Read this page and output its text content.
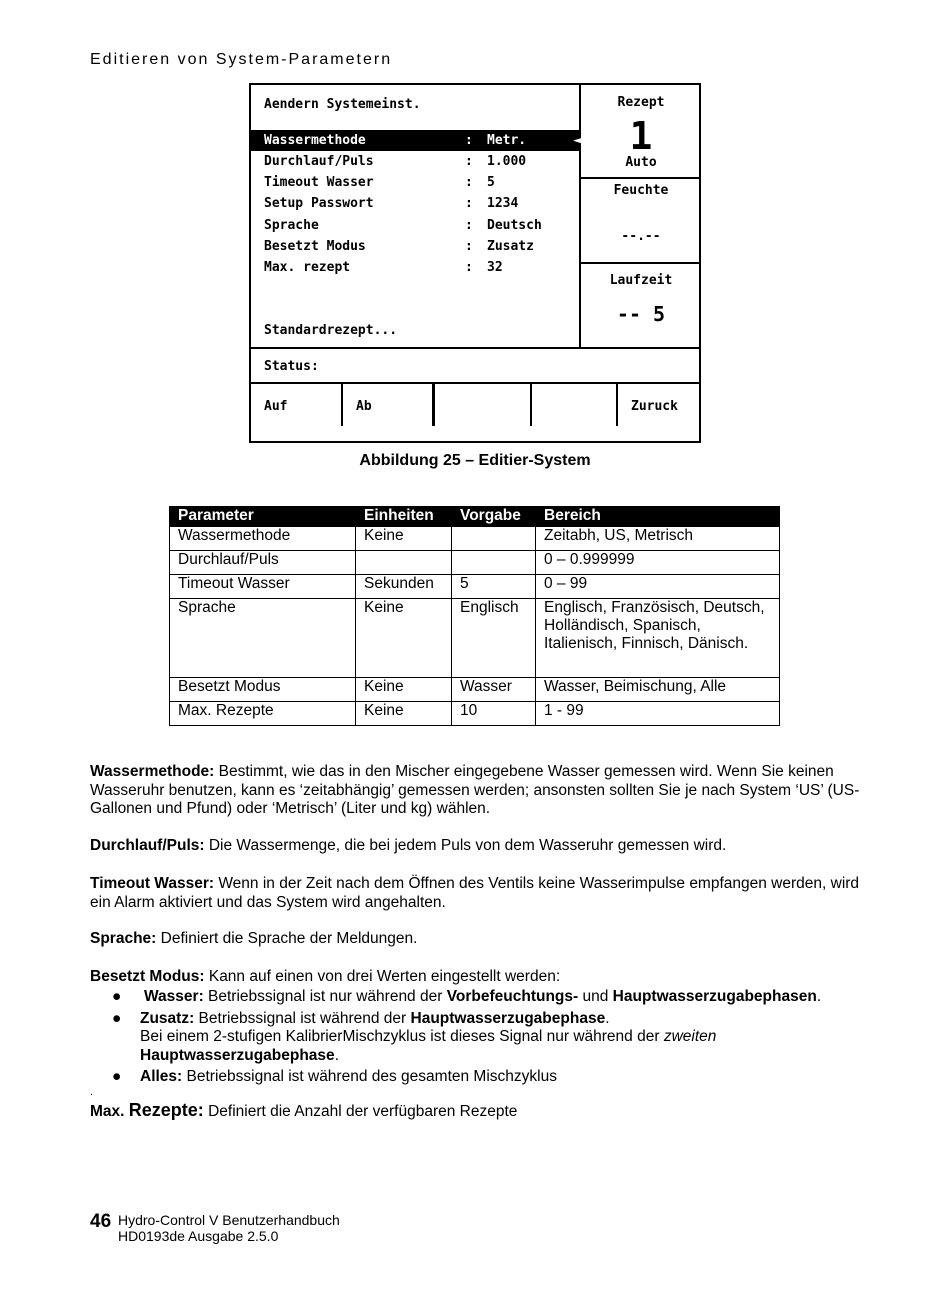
Editieren von System-Parametern
Aendern Systemeinst.
Wassermethode	: Metr.	◄
Durchlauf/Puls	: 1.000
Timeout Wasser	: 5
Setup Passwort	: 1234
Sprache	: Deutsch
Besetzt Modus	: Zusatz
Max. rezept	: 32
Standardrezept...
Rezept
1
Auto
Feuchte
--.--
Laufzeit
-- 5
Status:
Auf	Ab	Zuruck
Abbildung 25 – Editier-System
Parameter	Einheiten	Vorgabe	Bereich
Wassermethode	Keine		Zeitabh, US, Metrisch
Durchlauf/Puls			0 – 0.999999
Timeout Wasser	Sekunden	5	0 – 99
Sprache	Keine	Englisch	Englisch, Französisch, Deutsch, Holländisch, Spanisch, Italienisch, Finnisch, Dänisch.
Besetzt Modus	Keine	Wasser	Wasser, Beimischung, Alle
Max. Rezepte	Keine	10	1 - 99
Wassermethode: Bestimmt, wie das in den Mischer eingegebene Wasser gemessen wird. Wenn Sie keinen Wasseruhr benutzen, kann es ‘zeitabhängig’ gemessen werden; ansonsten sollten Sie je nach System ‘US’ (US-Gallonen und Pfund) oder ‘Metrisch’ (Liter und kg) wählen.
Durchlauf/Puls: Die Wassermenge, die bei jedem Puls von dem Wasseruhr gemessen wird.
Timeout Wasser: Wenn in der Zeit nach dem Öffnen des Ventils keine Wasserimpulse empfangen werden, wird ein Alarm aktiviert und das System wird angehalten.
Sprache: Definiert die Sprache der Meldungen.
Besetzt Modus: Kann auf einen von drei Werten eingestellt werden:
● Wasser: Betriebssignal ist nur während der Vorbefeuchtungs- und Hauptwasserzugabephasen.
● Zusatz: Betriebssignal ist während der Hauptwasserzugabephase.
Bei einem 2-stufigen KalibrierMischzyklus ist dieses Signal nur während der zweiten
Hauptwasserzugabephase.
● Alles: Betriebssignal ist während des gesamten Mischzyklus
.
Max. Rezepte: Definiert die Anzahl der verfügbaren Rezepte
46 Hydro-Control V Benutzerhandbuch
HD0193de Ausgabe 2.5.0
